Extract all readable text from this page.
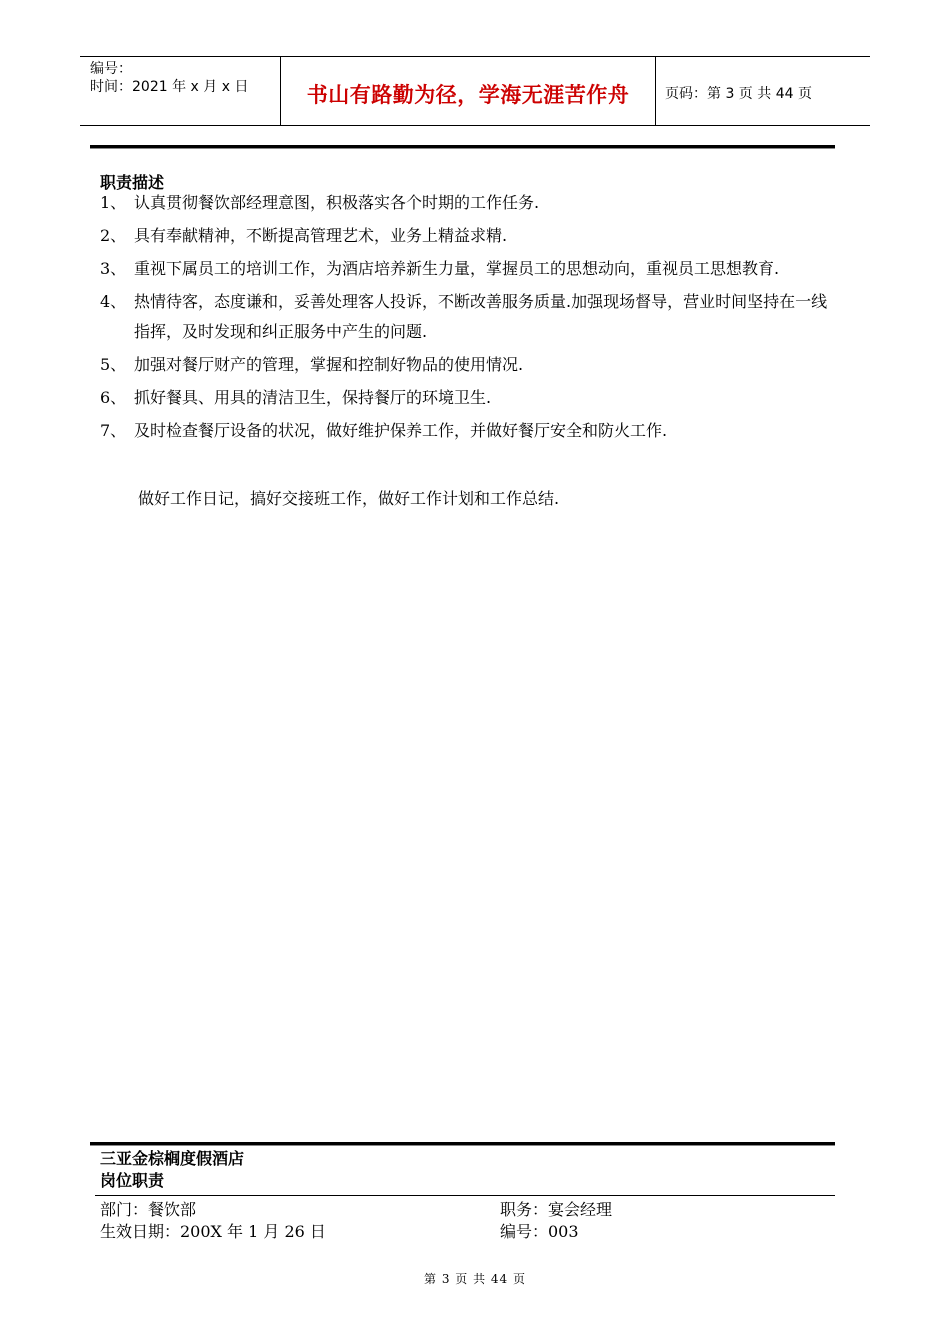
编号：
时间：2021 年 x 月 x 日	书山有路勤为径，学海无涯苦作舟	页码：第 3 页 共 44 页
职责描述
1、 认真贯彻餐饮部经理意图，积极落实各个时期的工作任务.
2、 具有奉献精神，不断提高管理艺术，业务上精益求精.
3、 重视下属员工的培训工作，为酒店培养新生力量，掌握员工的思想动向，重视员工思想教育.
4、 热情待客，态度谦和，妥善处理客人投诉，不断改善服务质量.加强现场督导，营业时间坚持在一线指挥，及时发现和纠正服务中产生的问题.
5、 加强对餐厅财产的管理，掌握和控制好物品的使用情况.
6、 抓好餐具、用具的清洁卫生，保持餐厅的环境卫生.
7、 及时检查餐厅设备的状况，做好维护保养工作，并做好餐厅安全和防火工作.
做好工作日记，搞好交接班工作，做好工作计划和工作总结.
三亚金棕榈度假酒店
岗位职责
部门：餐饮部	职务：宴会经理
生效日期：200X 年 1 月 26 日	编号：003
第 3 页 共 44 页
